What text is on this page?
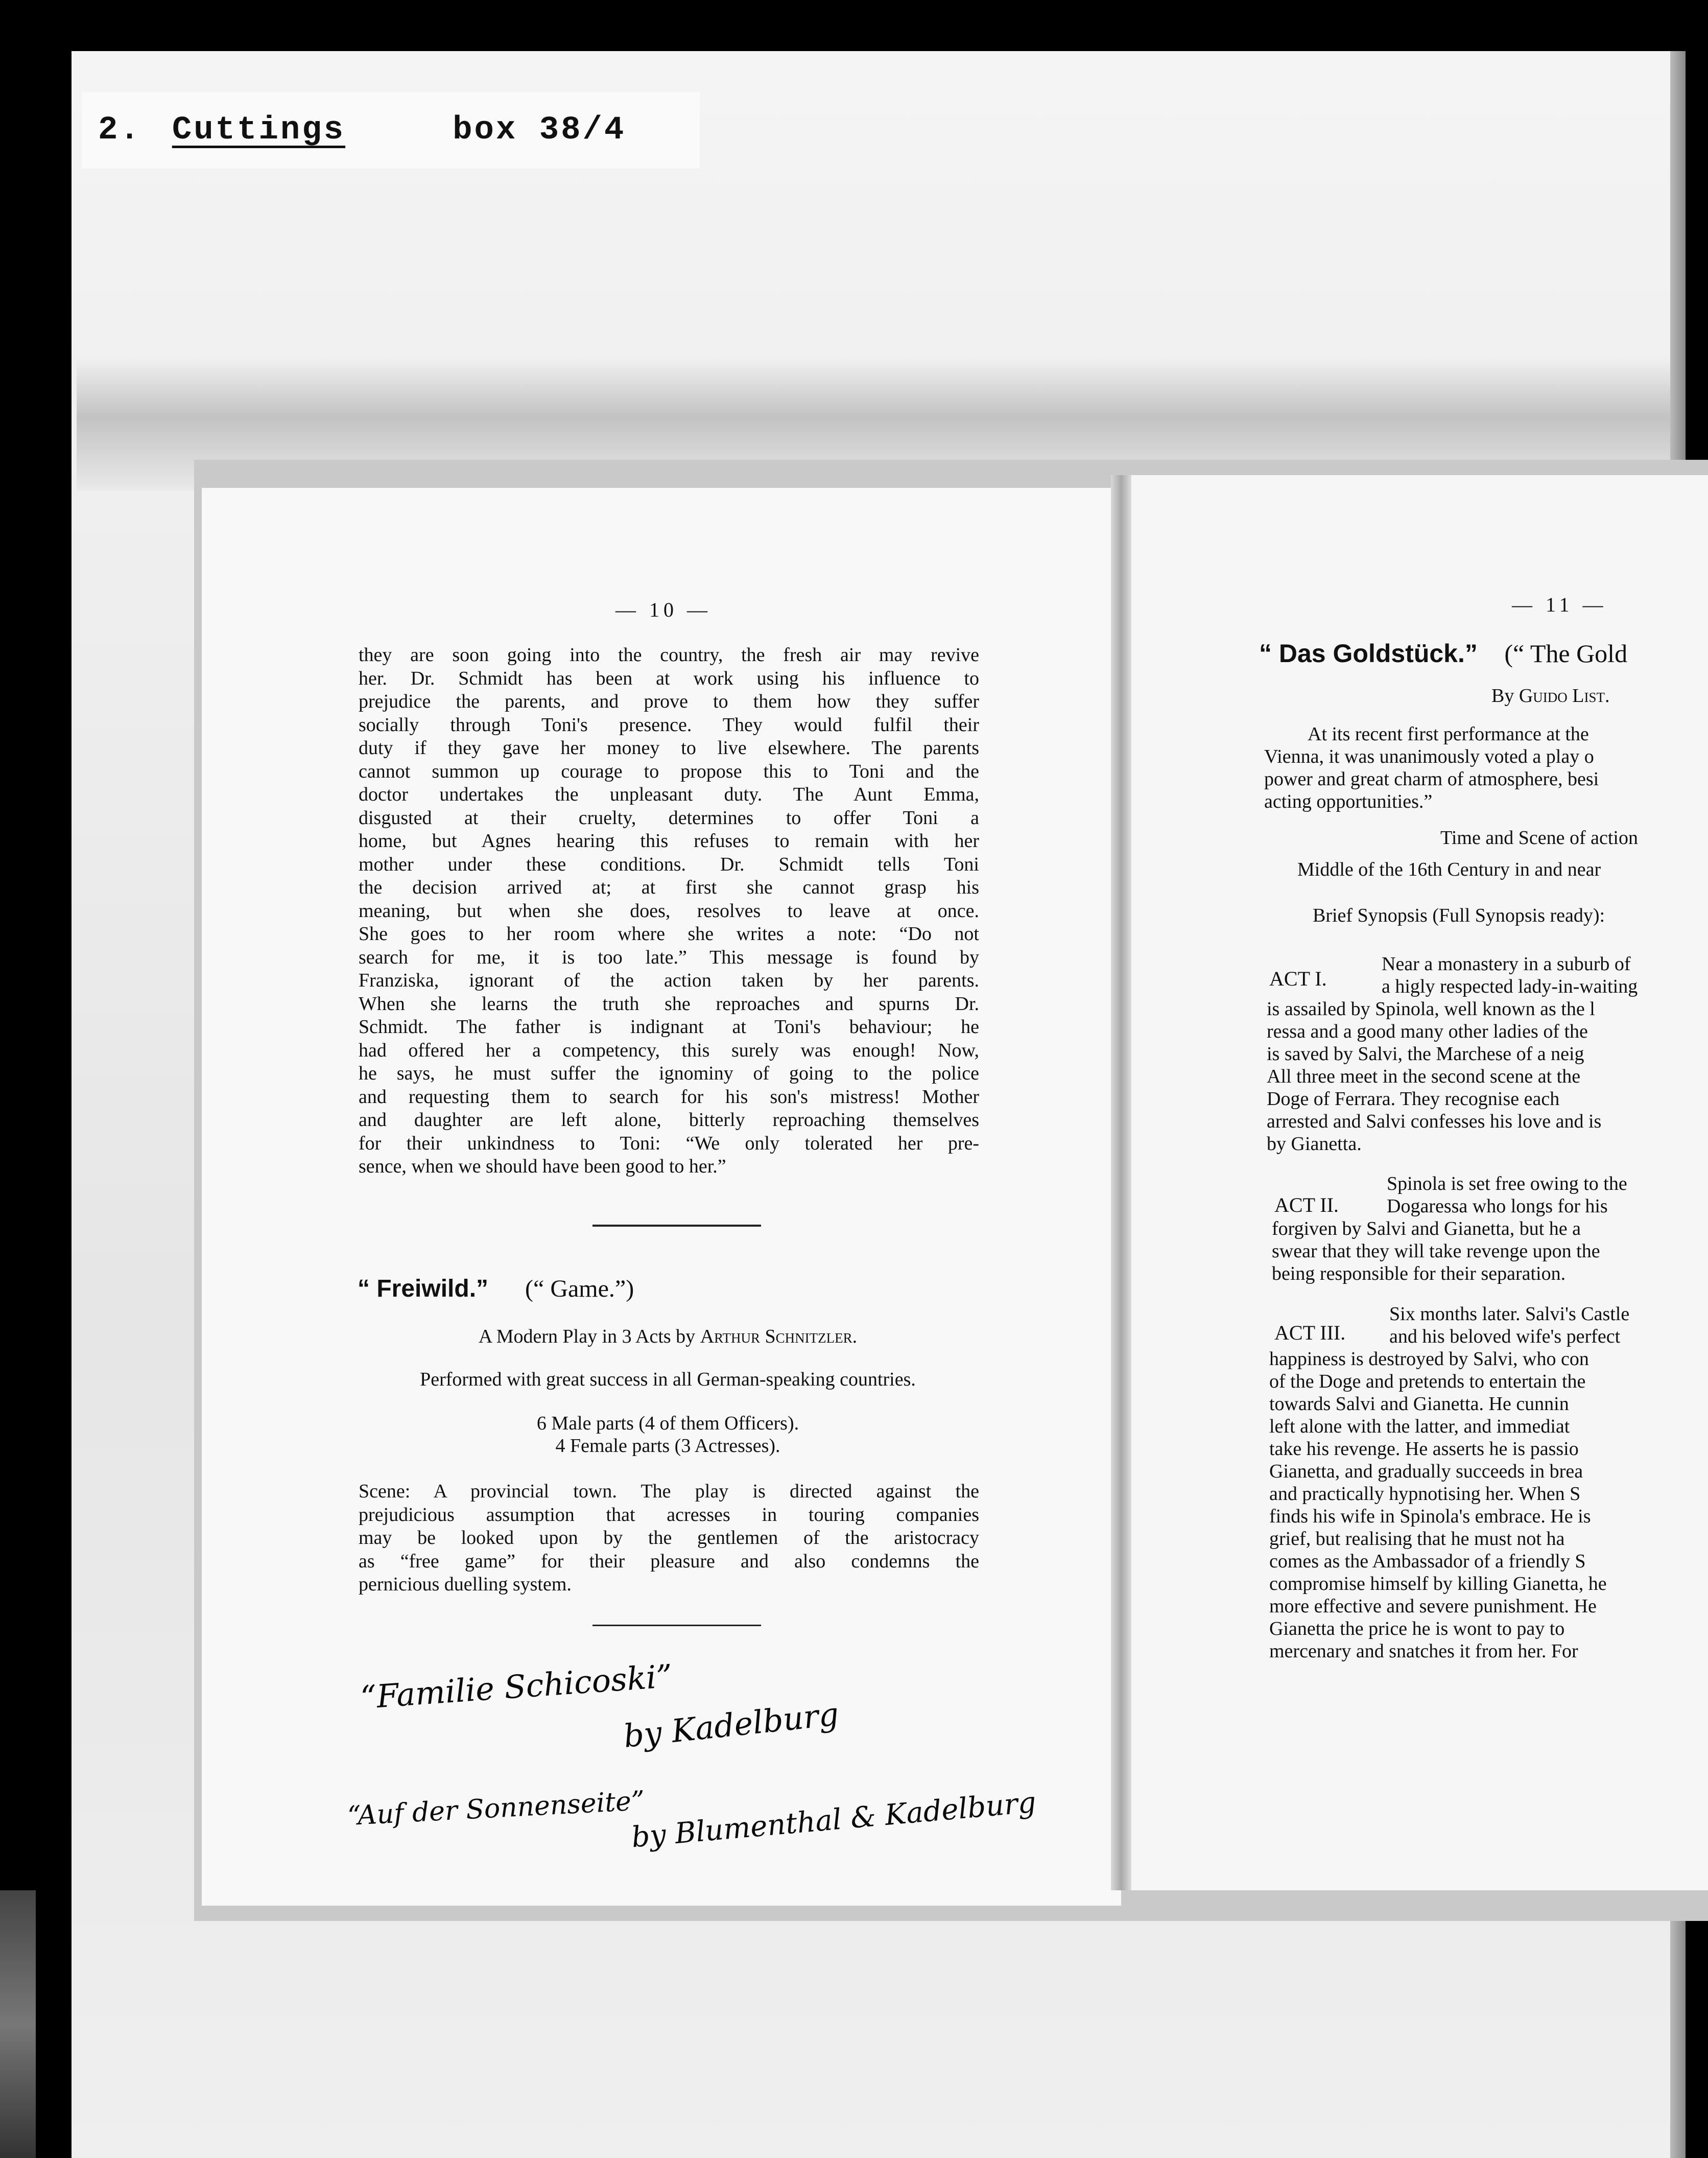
2. Cuttings	box 38/4
— 10 —
they are soon going into the country, the fresh air may revive
her. Dr. Schmidt has been at work using his influence to
prejudice the parents, and prove to them how they suffer
socially through Toni's presence. They would fulfil their
duty if they gave her money to live elsewhere. The parents
cannot summon up courage to propose this to Toni and the
doctor undertakes the unpleasant duty. The Aunt Emma,
disgusted at their cruelty, determines to offer Toni a
home, but Agnes hearing this refuses to remain with her
mother under these conditions. Dr. Schmidt tells Toni
the decision arrived at; at first she cannot grasp his
meaning, but when she does, resolves to leave at once.
She goes to her room where she writes a note: “Do not
search for me, it is too late.” This message is found by
Franziska, ignorant of the action taken by her parents.
When she learns the truth she reproaches and spurns Dr.
Schmidt. The father is indignant at Toni's behaviour; he
had offered her a competency, this surely was enough! Now,
he says, he must suffer the ignominy of going to the police
and requesting them to search for his son's mistress! Mother
and daughter are left alone, bitterly reproaching themselves
for their unkindness to Toni: “We only tolerated her pre-
sence, when we should have been good to her.”
“ Freiwild.” (“ Game.”)
A Modern Play in 3 Acts by Arthur Schnitzler.
Performed with great success in all German-speaking countries.
6 Male parts (4 of them Officers).
4 Female parts (3 Actresses).
Scene: A provincial town. The play is directed against the
prejudicious assumption that acresses in touring companies
may be looked upon by the gentlemen of the aristocracy
as “free game” for their pleasure and also condemns the
pernicious duelling system.
“Familie Schicoski”
by Kadelburg
“Auf der Sonnenseite”
by Blumenthal & Kadelburg
— 11 —
“ Das Goldstück.” (“ The Gold
By Guido List.
At its recent first performance at the
Vienna, it was unanimously voted a play o
power and great charm of atmosphere, besi
acting opportunities.”
Time and Scene of action
Middle of the 16th Century in and near
Brief Synopsis (Full Synopsis ready):
ACT I.
Near a monastery in a suburb of
a higly respected lady-in-waiting
is assailed by Spinola, well known as the l
ressa and a good many other ladies of the
is saved by Salvi, the Marchese of a neig
All three meet in the second scene at the
Doge of Ferrara. They recognise each
arrested and Salvi confesses his love and is
by Gianetta.
ACT II.
Spinola is set free owing to the
Dogaressa who longs for his
forgiven by Salvi and Gianetta, but he a
swear that they will take revenge upon the
being responsible for their separation.
ACT III.
Six months later. Salvi's Castle
and his beloved wife's perfect
happiness is destroyed by Salvi, who con
of the Doge and pretends to entertain the
towards Salvi and Gianetta. He cunnin
left alone with the latter, and immediat
take his revenge. He asserts he is passio
Gianetta, and gradually succeeds in brea
and practically hypnotising her. When S
finds his wife in Spinola's embrace. He is
grief, but realising that he must not ha
comes as the Ambassador of a friendly S
compromise himself by killing Gianetta, he
more effective and severe punishment. He
Gianetta the price he is wont to pay to
mercenary and snatches it from her. For
